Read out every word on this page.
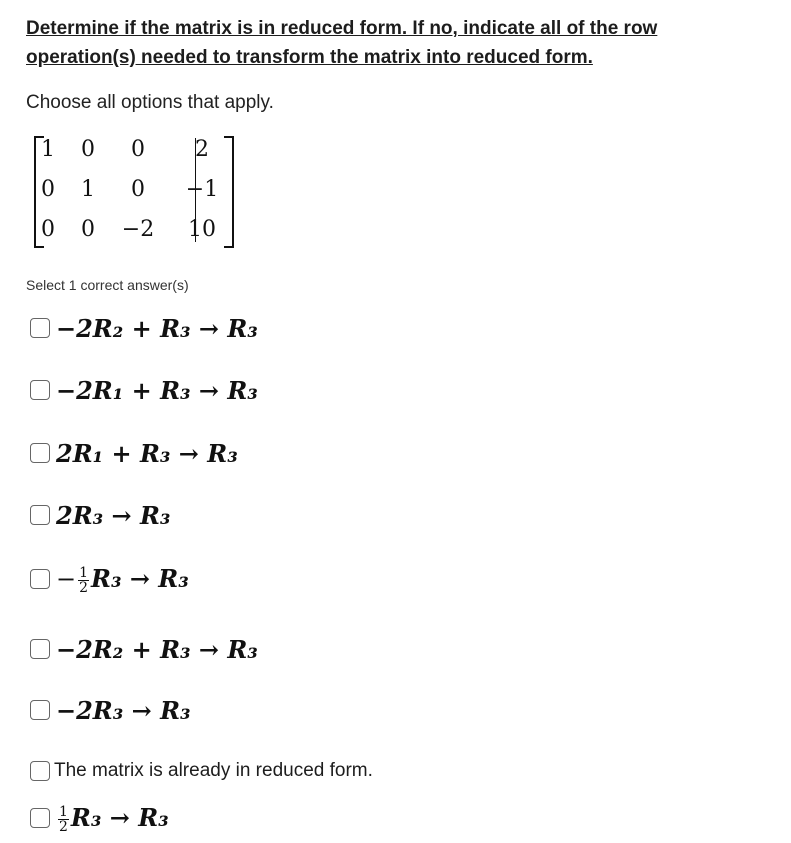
Determine if the matrix is in reduced form. If no, indicate all of the row operation(s) needed to transform the matrix into reduced form.
Choose all options that apply.
1	0	0	2
0	1	0	−1
0	0	−2	10
Select 1 correct answer(s)
−2R₂ + R₃ → R₃
−2R₁ + R₃ → R₃
2R₁ + R₃ → R₃
2R₃ → R₃
− $\frac{1}{2} R_3 \to R_3$
−2R₂ + R₃ → R₃
−2R₃ → R₃
The matrix is already in reduced form.
$\frac{1}{2} R_3 \to R_3$
